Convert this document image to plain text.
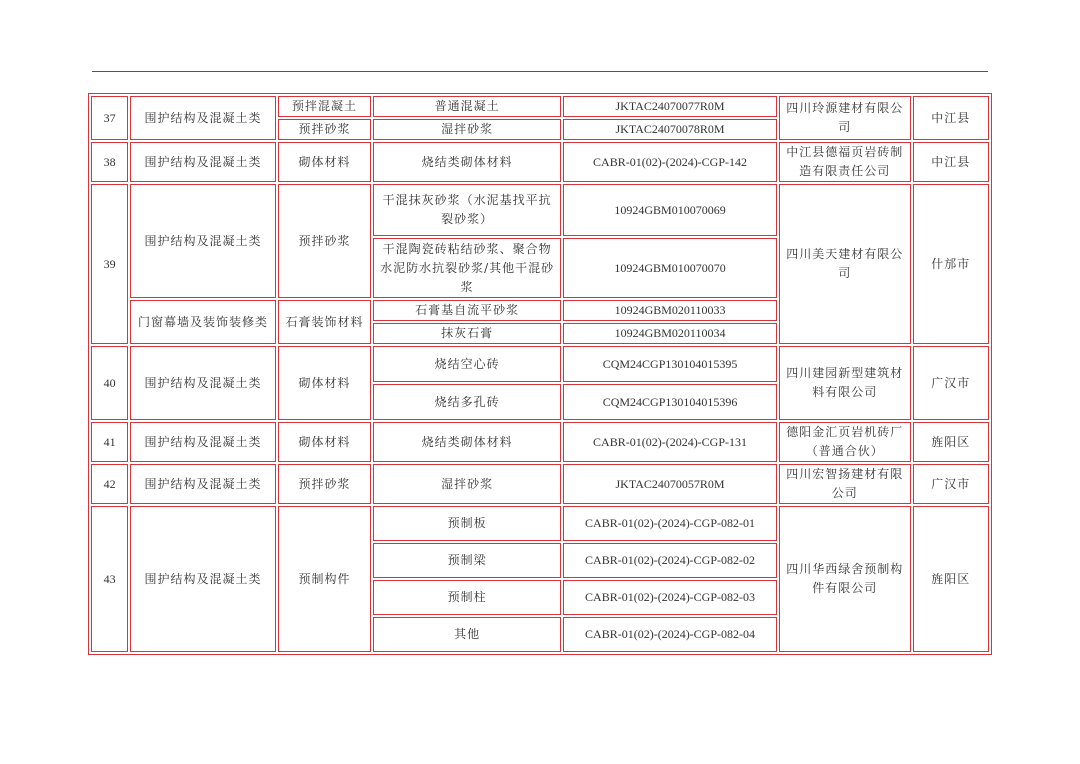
37	围护结构及混凝土类	预拌混凝土	普通混凝土	JKTAC24070077R0M	四川玲源建材有限公司	中江县
		预拌砂浆	湿拌砂浆	JKTAC24070078R0M		
38	围护结构及混凝土类	砌体材料	烧结类砌体材料	CABR-01(02)-(2024)-CGP-142	中江县德福页岩砖制造有限责任公司	中江县
39	围护结构及混凝土类	预拌砂浆	干混抹灰砂浆（水泥基找平抗裂砂浆）	10924GBM010070069	四川美天建材有限公司	什邡市
			干混陶瓷砖粘结砂浆、聚合物水泥防水抗裂砂浆/其他干混砂浆	10924GBM010070070		
	门窗幕墙及装饰装修类	石膏装饰材料	石膏基自流平砂浆	10924GBM020110033		
			抹灰石膏	10924GBM020110034		
40	围护结构及混凝土类	砌体材料	烧结空心砖	CQM24CGP130104015395	四川建园新型建筑材料有限公司	广汉市
			烧结多孔砖	CQM24CGP130104015396		
41	围护结构及混凝土类	砌体材料	烧结类砌体材料	CABR-01(02)-(2024)-CGP-131	德阳金汇页岩机砖厂（普通合伙）	旌阳区
42	围护结构及混凝土类	预拌砂浆	湿拌砂浆	JKTAC24070057R0M	四川宏智扬建材有限公司	广汉市
43	围护结构及混凝土类	预制构件	预制板	CABR-01(02)-(2024)-CGP-082-01	四川华西绿舍预制构件有限公司	旌阳区
			预制梁	CABR-01(02)-(2024)-CGP-082-02		
			预制柱	CABR-01(02)-(2024)-CGP-082-03		
			其他	CABR-01(02)-(2024)-CGP-082-04		
